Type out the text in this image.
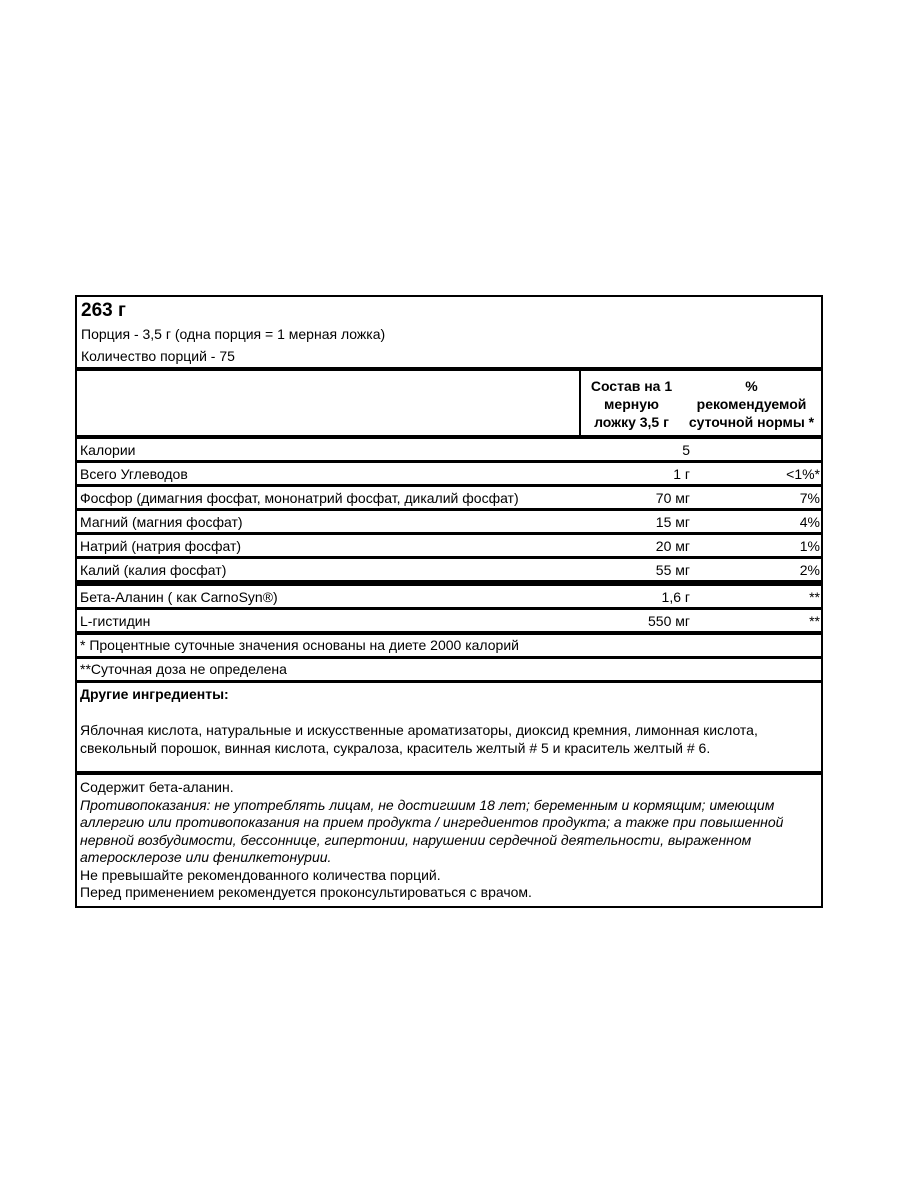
263 г
Порция - 3,5 г (одна порция = 1 мерная ложка)
Количество порций - 75
Состав на 1
мерную
ложку 3,5 г
%
рекомендуемой
суточной нормы *
Калории	5
Всего Углеводов	1 г	<1%*
Фосфор (димагния фосфат, мононатрий фосфат, дикалий фосфат)	70 мг	7%
Магний (магния фосфат)	15 мг	4%
Натрий (натрия фосфат)	20 мг	1%
Калий (калия фосфат)	55 мг	2%
Бета-Аланин ( как CarnoSyn®)	1,6 г	**
L-гистидин	550 мг	**
* Процентные суточные значения основаны на диете 2000 калорий
**Суточная доза не определена
Другие ингредиенты:
Яблочная кислота, натуральные и искусственные ароматизаторы, диоксид кремния, лимонная кислота,
свекольный порошок, винная кислота, сукралоза, краситель желтый # 5 и краситель желтый # 6.
Содержит бета-аланин.
Противопоказания: не употреблять лицам, не достигшим 18 лет; беременным и кормящим; имеющим
аллергию или противопоказания на прием продукта / ингредиентов продукта; а также при повышенной
нервной возбудимости, бессоннице, гипертонии, нарушении сердечной деятельности, выраженном
атеросклерозе или фенилкетонурии.
Не превышайте рекомендованного количества порций.
Перед применением рекомендуется проконсультироваться с врачом.
